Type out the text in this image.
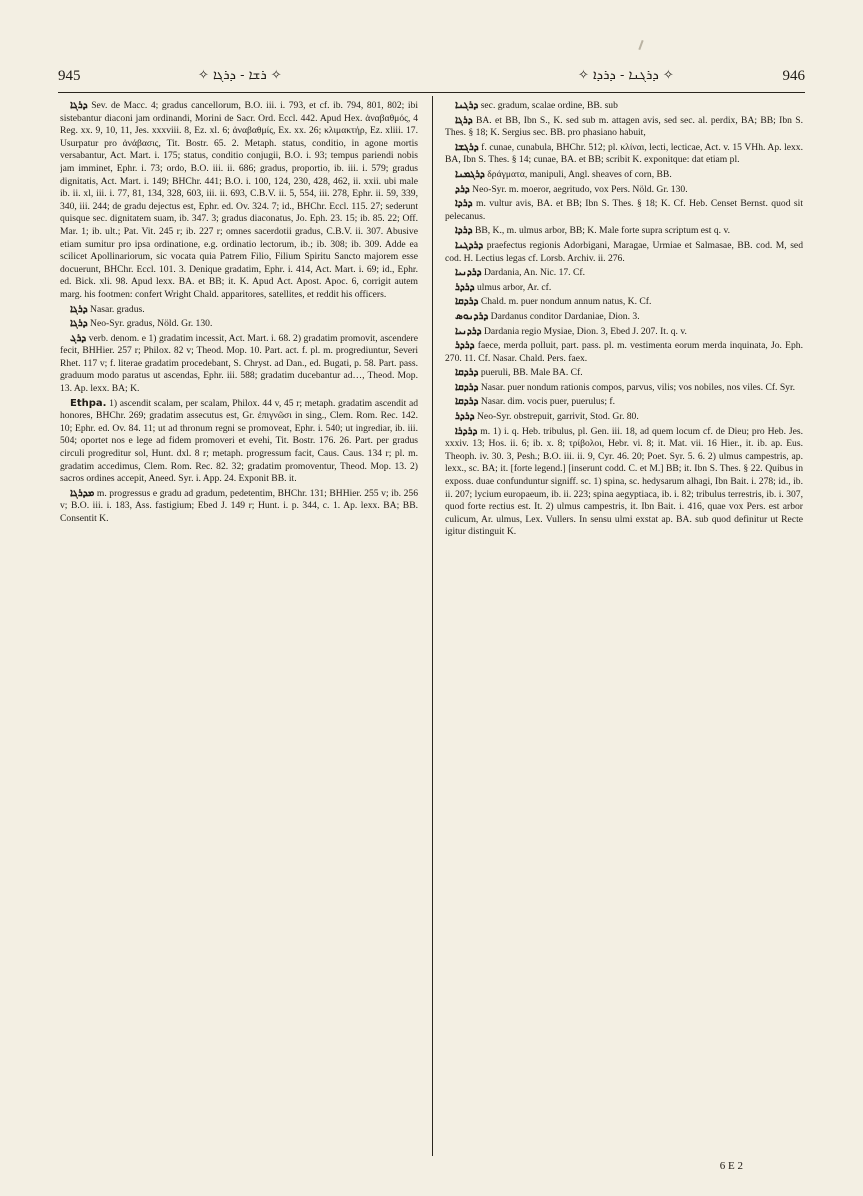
945	✧ ܪܫܐ - ܕܪܓܐ ✧	✧ ܕܪܓܢܐ - ܕܪܕܐ ✧	946

ܕܪܓܐ Sev. de Macc. 4; gradus cancellorum, B.O. iii. i. 793, et cf. ib. 794, 801, 802; ibi sistebantur diaconi jam ordinandi, Morini de Sacr. Ord. Eccl. 442. Apud Hex. ἀναβαθμός, 4 Reg. xx. 9, 10, 11, Jes. xxxviii. 8, Ez. xl. 6; ἀναβαθμίς, Ex. xx. 26; κλιμακτήρ, Ez. xliii. 17. Usurpatur pro ἀνάβασις, Tit. Bostr. 65. 2. Metaph. status, conditio, in agone mortis versabantur, Act. Mart. i. 175; status, conditio conjugii, B.O. i. 93; tempus pariendi nobis jam imminet, Ephr. i. 73; ordo, B.O. iii. ii. 686; gradus, proportio, ib. iii. i. 579; gradus dignitatis, Act. Mart. i. 149; BHChr. 441; B.O. i. 100, 124, 230, 428, 462, ii. xxii. ubi male ib. ii. xl, iii. i. 77, 81, 134, 328, 603, iii. ii. 693, C.B.V. ii. 5, 554, iii. 278, Ephr. ii. 59, 339, 340, iii. 244; de gradu dejectus est, Ephr. ed. Ov. 324. 7; id., BHChr. Eccl. 115. 27; sederunt quisque sec. dignitatem suam, ib. 347. 3; gradus diaconatus, Jo. Eph. 23. 15; ib. 85. 22; Off. Mar. 1; ib. ult.; Pat. Vit. 245 r; ib. 227 r; omnes sacerdotii gradus, C.B.V. ii. 307. Abusive etiam sumitur pro ipsa ordinatione, e.g. ordinatio lectorum, ib.; ib. 308; ib. 309. Adde ea scilicet Apollinariorum, sic vocata quia Patrem Filio, Filium Spiritu Sancto majorem esse docuerunt, BHChr. Eccl. 101. 3. Denique gradatim, Ephr. i. 414, Act. Mart. i. 69; id., Ephr. ed. Bick. xli. 98. Apud lexx. BA. et BB; it. K. Apud Act. Apost. Apoc. 6, corrigit autem marg. his footmen: confert Wright Chald. apparitores, satellites, et reddit his officers.

ܕܪܓܐ Nasar. gradus.

ܕܪܓܐ Neo-Syr. gradus, Nöld. Gr. 130.

ܕܪܓ verb. denom. e 1) gradatim incessit, Act. Mart. i. 68. 2) gradatim promovit, ascendere fecit, BHHier. 257 r; Philox. 82 v; Theod. Mop. 10. Part. act. f. pl. m. progrediuntur, Severi Rhet. 117 v; f. literae gradatim procedebant, S. Chryst. ad Dan., ed. Bugati, p. 58. Part. pass. graduum modo paratus ut ascendas, Ephr. iii. 588; gradatim ducebantur ad…, Theod. Mop. 13. Ap. lexx. BA; K.

Ethpa. 1) ascendit scalam, per scalam, Philox. 44 v, 45 r; metaph. gradatim ascendit ad honores, BHChr. 269; gradatim assecutus est, Gr. ἐπιγνῶσι in sing., Clem. Rom. Rec. 142. 10; Ephr. ed. Ov. 84. 11; ut ad thronum regni se promoveat, Ephr. i. 540; ut ingrediar, ib. iii. 504; oportet nos e lege ad fidem promoveri et evehi, Tit. Bostr. 176. 26. Part. per gradus circuli progreditur sol, Hunt. dxl. 8 r; metaph. progressum facit, Caus. Caus. 134 r; pl. m. gradatim accedimus, Clem. Rom. Rec. 82. 32; gradatim promoventur, Theod. Mop. 13. 2) sacros ordines accepit, Aneed. Syr. i. App. 24. Exponit BB. it.

ܡܕܪܓܐ m. progressus e gradu ad gradum, pedetentim, BHChr. 131; BHHier. 255 v; ib. 256 v; B.O. iii. i. 183, Ass. fastigium; Ebed J. 149 r; Hunt. i. p. 344, c. 1. Ap. lexx. BA; BB. Consentit K.

ܕܪܓܢܐ sec. gradum, scalae ordine, BB. sub

ܕܪܓܐ BA. et BB, Ibn S., K. sed sub m. attagen avis, sed sec. al. perdix, BA; BB; Ibn S. Thes. § 18; K. Sergius sec. BB. pro phasiano habuit,

ܕܪܓܫܐ f. cunae, cunabula, BHChr. 512; pl. κλίναι, lecti, lecticae, Act. v. 15 VHh. Ap. lexx. BA, Ibn S. Thes. § 14; cunae, BA. et BB; scribit K. exponitque: dat etiam pl.

ܕܪܓܡܢܐ δράγματα, manipuli, Angl. sheaves of corn, BB.

ܕܪܕ Neo-Syr. m. moeror, aegritudo, vox Pers. Nöld. Gr. 130.

ܕܪܕܐ m. vultur avis, BA. et BB; Ibn S. Thes. § 18; K. Cf. Heb. Censet Bernst. quod sit pelecanus.

ܕܪܕܐ BB, K., m. ulmus arbor, BB; K. Male forte supra scriptum est q. v.

ܕܪܕܓܢܐ praefectus regionis Adorbigani, Maragae, Urmiae et Salmasae, BB. cod. M, sed cod. H. Lectius legas cf. Lorsb. Archiv. ii. 276.

ܕܪܕܢܝܐ Dardania, An. Nic. 17. Cf.

ܕܪܕܪ ulmus arbor, Ar. cf.

ܕܪܕܩܐ Chald. m. puer nondum annum natus, K. Cf.

ܕܪܕܢܘܣ Dardanus conditor Dardaniae, Dion. 3.

ܕܪܕܢܝܐ Dardania regio Mysiae, Dion. 3, Ebed J. 207. It. q. v.

ܕܪܕܪ faece, merda polluit, part. pass. pl. m. vestimenta eorum merda inquinata, Jo. Eph. 270. 11. Cf. Nasar. Chald. Pers. faex.

ܕܪܕܩܐ pueruli, BB. Male BA. Cf.

ܕܪܕܩܐ Nasar. puer nondum rationis compos, parvus, vilis; vos nobiles, nos viles. Cf. Syr.

ܕܪܕܩܐ Nasar. dim. vocis puer, puerulus; f.

ܕܪܕܪ Neo-Syr. obstrepuit, garrivit, Stod. Gr. 80.

ܕܪܕܪܐ m. 1) i. q. Heb. tribulus, pl. Gen. iii. 18, ad quem locum cf. de Dieu; pro Heb. Jes. xxxiv. 13; Hos. ii. 6; ib. x. 8; τρίβολοι, Hebr. vi. 8; it. Mat. vii. 16 Hier., it. ib. ap. Eus. Theoph. iv. 30. 3, Pesh.; B.O. iii. ii. 9, Cyr. 46. 20; Poet. Syr. 5. 6. 2) ulmus campestris, ap. lexx., sc. BA; it. [forte legend.] [inserunt codd. C. et M.] BB; it. Ibn S. Thes. § 22. Quibus in exposs. duae confunduntur signiff. sc. 1) spina, sc. hedysarum alhagi, Ibn Bait. i. 278; id., ib. ii. 207; lycium europaeum, ib. ii. 223; spina aegyptiaca, ib. i. 82; tribulus terrestris, ib. i. 307, quod forte rectius est. It. 2) ulmus campestris, it. Ibn Bait. i. 416, quae vox Pers. est arbor culicum, Ar. ulmus, Lex. Vullers. In sensu ulmi exstat ap. BA. sub quod definitur ut Recte igitur distinguit K.

6 E 2
